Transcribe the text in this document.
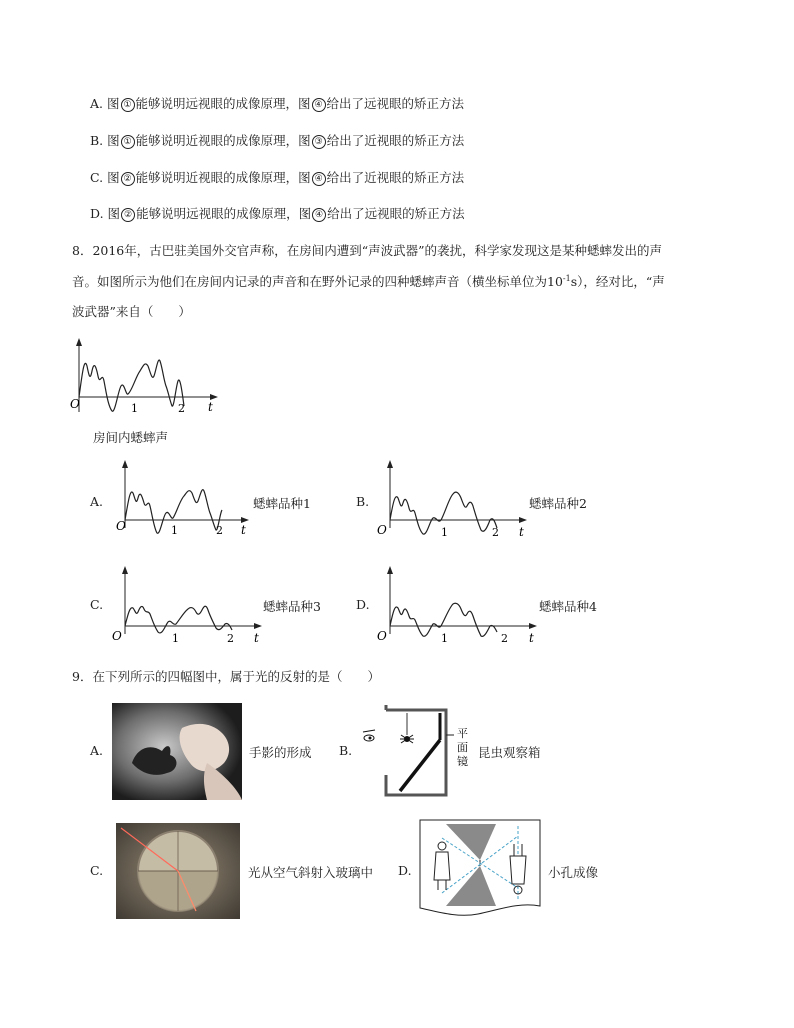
A. 图 ① 能够说明远视眼的成像原理，图 ④ 给出了远视眼的矫正方法
B. 图 ① 能够说明近视眼的成像原理，图 ③ 给出了近视眼的矫正方法
C. 图 ② 能够说明近视眼的成像原理，图 ④ 给出了近视眼的矫正方法
D. 图 ② 能够说明远视眼的成像原理，图 ④ 给出了远视眼的矫正方法
8．2016年，古巴驻美国外交官声称，在房间内遭到“声波武器”的袭扰，科学家发现这是某种蟋蟀发出的声
音。如图所示为他们在房间内记录的声音和在野外记录的四种蟋蟀声音（横坐标单位为$10^{-1}s$），经对比，“声
波武器”来自（　　）
O	t
1	2
房间内蟋蟀声
A.
O	t
1	2
蟋蟀品种1	B.
O	t
1	2
蟋蟀品种2
C.
O	t
1	2
蟋蟀品种3	D.
O	t
1	2
蟋蟀品种4
9．在下列所示的四幅图中，属于光的反射的是（　　）
A.	手影的形成 B.
平
面
镜
昆虫观察箱
C.	光从空气斜射入玻璃中 D.	小孔成像
